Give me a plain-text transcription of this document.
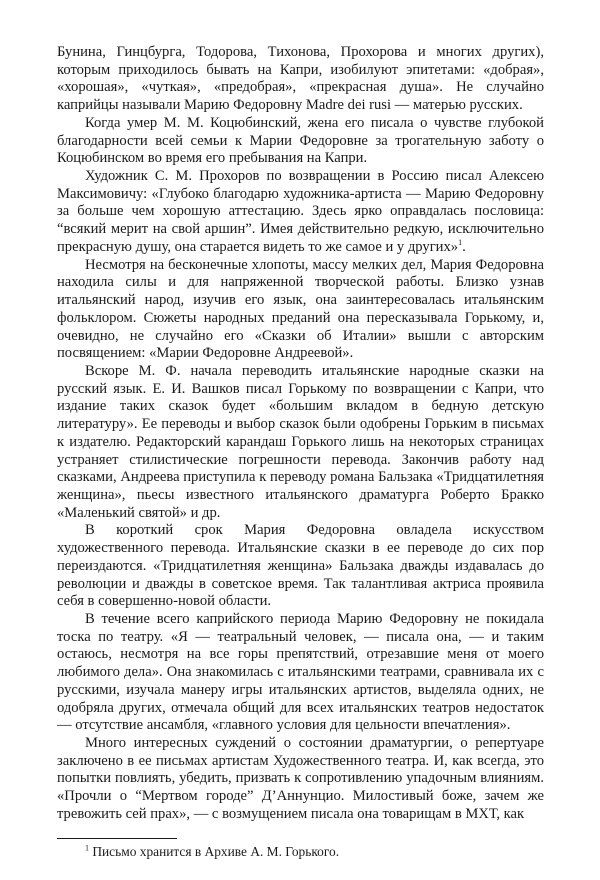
Бунина, Гинцбурга, Тодорова, Тихонова, Прохорова и многих других), которым приходилось бывать на Капри, изобилуют эпитетами: «добрая», «хорошая», «чуткая», «предобрая», «прекрасная душа». Не случайно каприйцы называли Марию Федоровну Madre dei rusi — матерью русских.

Когда умер М. М. Коцюбинский, жена его писала о чувстве глубокой благодарности всей семьи к Марии Федоровне за трогательную заботу о Коцюбинском во время его пребывания на Капри.

Художник С. М. Прохоров по возвращении в Россию писал Алексею Максимовичу: «Глубоко благодарю художника-артиста — Марию Федоровну за больше чем хорошую аттестацию. Здесь ярко оправдалась пословица: “всякий мерит на свой аршин”. Имея действительно редкую, исключительно прекрасную душу, она старается видеть то же самое и у других»$^1$.

Несмотря на бесконечные хлопоты, массу мелких дел, Мария Федоровна находила силы и для напряженной творческой работы. Близко узнав итальянский народ, изучив его язык, она заинтересовалась итальянским фольклором. Сюжеты народных преданий она пересказывала Горькому, и, очевидно, не случайно его «Сказки об Италии» вышли с авторским посвящением: «Марии Федоровне Андреевой».

Вскоре М. Ф. начала переводить итальянские народные сказки на русский язык. Е. И. Вашков писал Горькому по возвращении с Капри, что издание таких сказок будет «большим вкладом в бедную детскую литературу». Ее переводы и выбор сказок были одобрены Горьким в письмах к издателю. Редакторский карандаш Горького лишь на некоторых страницах устраняет стилистические погрешности перевода. Закончив работу над сказками, Андреева приступила к переводу романа Бальзака «Тридцатилетняя женщина», пьесы известного итальянского драматурга Роберто Бракко «Маленький святой» и др.

В короткий срок Мария Федоровна овладела искусством художественного перевода. Итальянские сказки в ее переводе до сих пор переиздаются. «Тридцатилетняя женщина» Бальзака дважды издавалась до революции и дважды в советское время. Так талантливая актриса проявила себя в совершенно-новой области.

В течение всего каприйского периода Марию Федоровну не покидала тоска по театру. «Я — театральный человек, — писала она, — и таким остаюсь, несмотря на все горы препятствий, отрезавшие меня от моего любимого дела». Она знакомилась с итальянскими театрами, сравнивала их с русскими, изучала манеру игры итальянских артистов, выделяла одних, не одобряла других, отмечала общий для всех итальянских театров недостаток — отсутствие ансамбля, «главного условия для цельности впечатления».

Много интересных суждений о состоянии драматургии, о репертуаре заключено в ее письмах артистам Художественного театра. И, как всегда, это попытки повлиять, убедить, призвать к сопротивлению упадочным влияниям. «Прочли о “Мертвом городе” Д’Аннунцио. Милостивый боже, зачем же тревожить сей прах», — с возмущением писала она товарищам в МХТ, как

$^1$ Письмо хранится в Архиве А. М. Горького.
